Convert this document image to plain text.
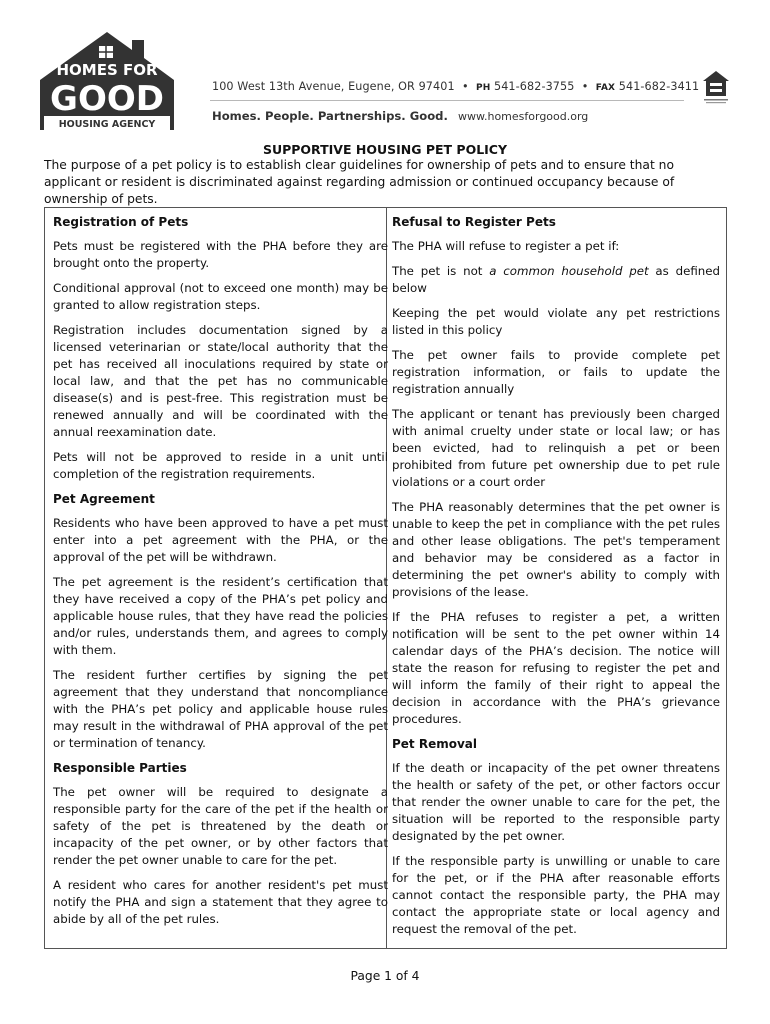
HOMES FOR
GOOD
HOUSING AGENCY
100 West 13th Avenue, Eugene, OR 97401 • PH 541-682-3755 • FAX 541-682-3411
Homes. People. Partnerships. Good. www.homesforgood.org
SUPPORTIVE HOUSING PET POLICY
The purpose of a pet policy is to establish clear guidelines for ownership of pets and to ensure that no applicant or resident is discriminated against regarding admission or continued occupancy because of ownership of pets.
Registration of Pets
Pets must be registered with the PHA before they are brought onto the property.
Conditional approval (not to exceed one month) may be granted to allow registration steps.
Registration includes documentation signed by a licensed veterinarian or state/local authority that the pet has received all inoculations required by state or local law, and that the pet has no communicable disease(s) and is pest-free. This registration must be renewed annually and will be coordinated with the annual reexamination date.
Pets will not be approved to reside in a unit until completion of the registration requirements.
Pet Agreement
Residents who have been approved to have a pet must enter into a pet agreement with the PHA, or the approval of the pet will be withdrawn.
The pet agreement is the resident’s certification that they have received a copy of the PHA’s pet policy and applicable house rules, that they have read the policies and/or rules, understands them, and agrees to comply with them.
The resident further certifies by signing the pet agreement that they understand that noncompliance with the PHA’s pet policy and applicable house rules may result in the withdrawal of PHA approval of the pet or termination of tenancy.
Responsible Parties
The pet owner will be required to designate a responsible party for the care of the pet if the health or safety of the pet is threatened by the death or incapacity of the pet owner, or by other factors that render the pet owner unable to care for the pet.
A resident who cares for another resident's pet must notify the PHA and sign a statement that they agree to abide by all of the pet rules.
Refusal to Register Pets
The PHA will refuse to register a pet if:
The pet is not a common household pet as defined below
Keeping the pet would violate any pet restrictions listed in this policy
The pet owner fails to provide complete pet registration information, or fails to update the registration annually
The applicant or tenant has previously been charged with animal cruelty under state or local law; or has been evicted, had to relinquish a pet or been prohibited from future pet ownership due to pet rule violations or a court order
The PHA reasonably determines that the pet owner is unable to keep the pet in compliance with the pet rules and other lease obligations. The pet's temperament and behavior may be considered as a factor in determining the pet owner's ability to comply with provisions of the lease.
If the PHA refuses to register a pet, a written notification will be sent to the pet owner within 14 calendar days of the PHA’s decision. The notice will state the reason for refusing to register the pet and will inform the family of their right to appeal the decision in accordance with the PHA’s grievance procedures.
Pet Removal
If the death or incapacity of the pet owner threatens the health or safety of the pet, or other factors occur that render the owner unable to care for the pet, the situation will be reported to the responsible party designated by the pet owner.
If the responsible party is unwilling or unable to care for the pet, or if the PHA after reasonable efforts cannot contact the responsible party, the PHA may contact the appropriate state or local agency and request the removal of the pet.
Page 1 of 4
